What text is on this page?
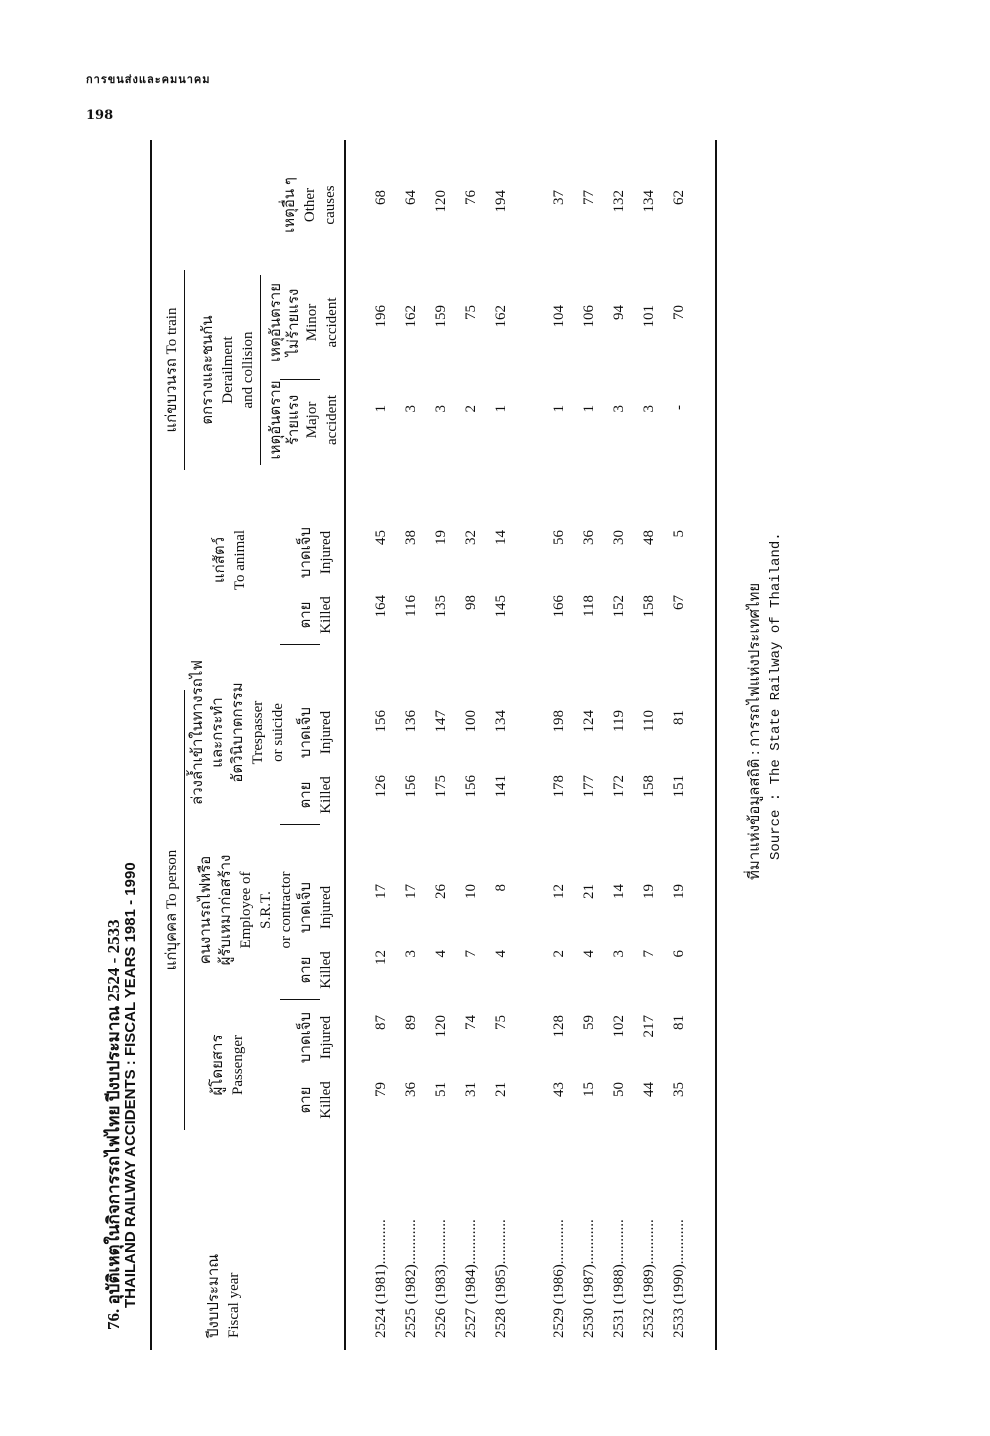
การขนส่งและคมนาคม
198
76. อุบัติเหตุในกิจการรถไฟไทย ปีงบประมาณ 2524 - 2533 THAILAND RAILWAY ACCIDENTS : FISCAL YEARS 1981 - 1990 แก่บุคคล To person
แก่ขบวนรถ To train
ปีงบประมาณ Fiscal year
ผู้โดยสาร Passenger
คนงานรถไฟหรือ ผู้รับเหมาก่อสร้าง Employee of S.R.T. or contractor
ล่วงล้ำเข้าในทางรถไฟ และกระทำ อัตวินิบาตกรรม Trespasser or suicide
แก่สัตว์ To animal
ตกรางและชนกัน Derailment and collision
เหตุอันตราย ร้ายแรง Major accident
เหตุอันตราย ไม่ร้ายแรง Minor accident
เหตุอื่น ๆ Other causes
ตาย Killed
บาดเจ็บ Injured
ตาย Killed
บาดเจ็บ Injured
ตาย Killed
บาดเจ็บ Injured
ตาย Killed
บาดเจ็บ Injured
2524 (1981)............
79
87
12
17
126
156
164
45
1
196
68
2525 (1982)............
36
89
3
17
156
136
116
38
3
162
64
2526 (1983)............
51
120
4
26
175
147
135
19
3
159
120
2527 (1984)............
31
74
7
10
156
100
98
32
2
75
76
2528 (1985)............
21
75
4
8
141
134
145
14
1
162
194
2529 (1986)............
43
128
2
12
178
198
166
56
1
104
37
2530 (1987)............
15
59
4
21
177
124
118
36
1
106
77
2531 (1988)............
50
102
3
14
172
119
152
30
3
94
132
2532 (1989)............
44
217
7
19
158
110
158
48
3
101
134
2533 (1990)............
35
81
6
19
151
81
67
5
-
70
62
ที่มาแห่งข้อมูลสถิติ : การรถไฟแห่งประเทศไทย Source : The State Railway of Thailand.
